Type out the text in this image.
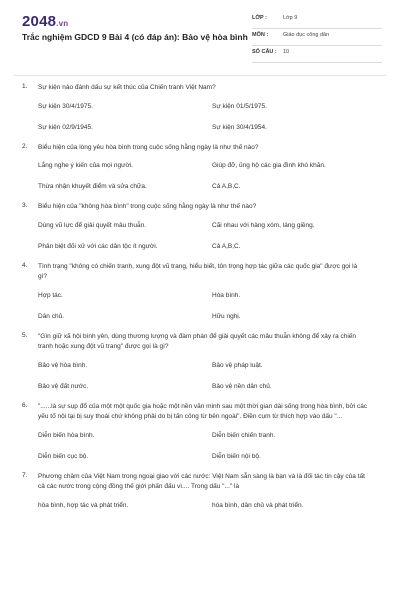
2048.vn
Trắc nghiệm GDCD 9 Bài 4 (có đáp án): Bảo vệ hòa bình
LỚP :	Lớp 9
MÔN :	Giáo dục công dân
SỐ CÂU : 10
1. Sự kiện nào đánh dấu sự kết thúc của Chiến tranh Việt Nam?
Sự kiện 30/4/1975.	Sự kiện 01/5/1975.
Sự kiện 02/9/1945.	Sự kiện 30/4/1954.
2. Biểu hiện của lòng yêu hòa bình trong cuộc sống hằng ngày là như thế nào?
Lắng nghe ý kiến của mọi người.	Giúp đỡ, ủng hộ các gia đình khó khăn.
Thừa nhận khuyết điểm và sửa chữa.	Cả A,B,C.
3. Biểu hiện của "không hòa bình" trong cuộc sống hằng ngày là như thế nào?
Dùng vũ lực để giải quyết mâu thuẫn.	Cãi nhau với hàng xóm, láng giềng.
Phân biệt đối xử với các dân tộc ít người.	Cả A,B,C.
4. Tình trạng "không có chiến tranh, xung đột vũ trang, hiểu biết, tôn trọng hợp tác giữa các quốc gia" được gọi là gì?
Hợp tác.	Hòa bình.
Dân chủ.	Hữu nghị.
5. "Gìn giữ xã hội bình yên, dùng thương lượng và đàm phán để giải quyết các mâu thuẫn không để xảy ra chiến tranh hoặc xung đột vũ trang" được gọi là gì?
Bảo vệ hòa bình.	Bảo vệ pháp luật.
Bảo vệ đất nước.	Bảo vệ nền dân chủ.
6. "......là sự sụp đổ của một một quốc gia hoặc một nền văn minh sau một thời gian dài sống trong hòa bình, bởi các yếu tố nội tại bị suy thoái chứ không phải do bị tấn công từ bên ngoài". Điền cụm từ thích hợp vào dấu "...
Diễn biến hòa bình.	Diễn biến chiến tranh.
Diễn biến cục bộ.	Diễn biến nội bộ.
7. Phương châm của Việt Nam trong ngoại giao với các nước: Việt Nam sẵn sàng là bạn và là đối tác tin cậy của tất cả các nước trong cộng đồng thế giới phấn đấu vì.... Trong dấu "..." là
hòa bình, hợp tác và phát triển.	hòa bình, dân chủ và phát triển.
